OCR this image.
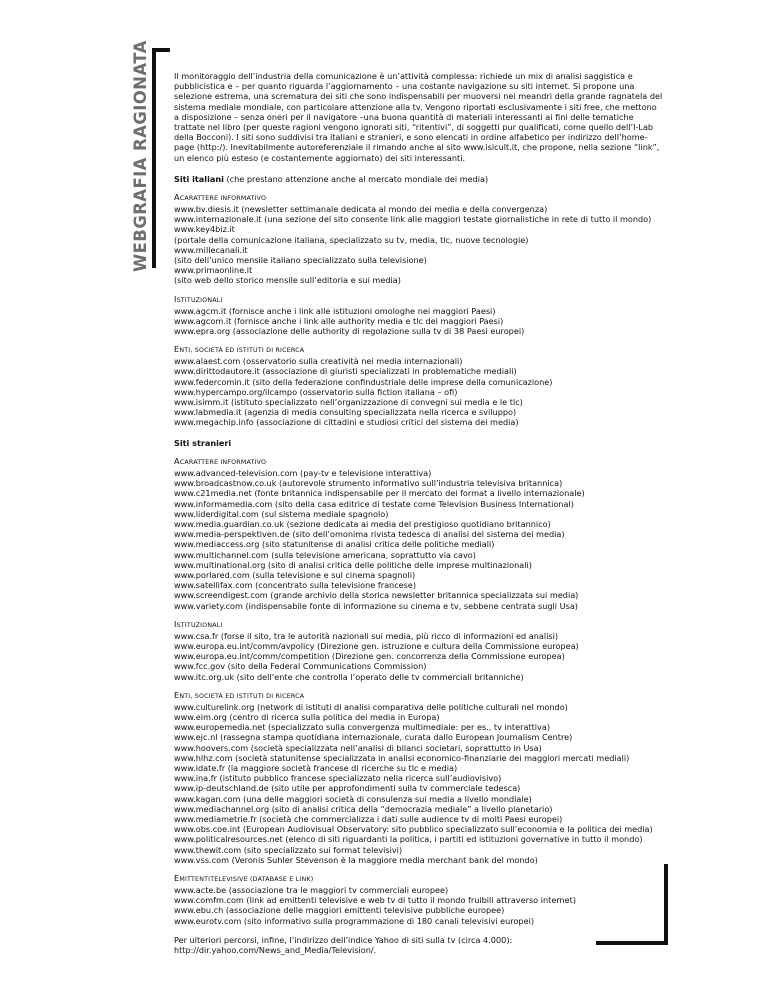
WEBGRAFIA RAGIONATA	Il monitoraggio dell’industria della comunicazione è un’attività complessa: richiede un mix di analisi saggistica e pubblicistica e – per quanto riguarda l’aggiornamento – una costante navigazione su siti internet. Si propone una selezione estrema, una scrematura dei siti che sono indispensabili per muoversi nei meandri della grande ragnatela del sistema mediale mondiale, con particolare attenzione alla tv. Vengono riportati esclusivamente i siti free, che mettono a disposizione – senza oneri per il navigatore –una buona quantità di materiali interessanti ai fini delle tematiche trattate nel libro (per queste ragioni vengono ignorati siti, “ritentivi”, di soggetti pur qualificati, come quello dell’I-Lab della Bocconi). I siti sono suddivisi tra italiani e stranieri, e sono elencati in ordine alfabetico per indirizzo dell’home-page (http:/). Inevitabilmente autoreferenziale il rimando anche al sito www.isicult.it, che propone, nella sezione “link”, un elenco più esteso (e costantemente aggiornato) dei siti interessanti.

Siti italiani (che prestano attenzione anche al mercato mondiale dei media)

ACARATTERE INFORMATIVO
www.bv.diesis.it (newsletter settimanale dedicata al mondo dei media e della convergenza)
www.internazionale.it (una sezione del sito consente link alle maggiori testate giornalistiche in rete di tutto il mondo)
www.key4biz.it
(portale della comunicazione italiana, specializzato su tv, media, tlc, nuove tecnologie)
www.millecanali.it
(sito dell’unico mensile italiano specializzato sulla televisione)
www.primaonline.it
(sito web dello storico mensile sull’editoria e sui media)
ISTITUZIONALI
www.agcm.it (fornisce anche i link alle istituzioni omologhe nei maggiori Paesi)
www.agcom.it (fornisce anche i link alle authority media e tlc dei maggiori Paesi)
www.epra.org (associazione delle authority di regolazione sulla tv di 38 Paesi europei)
ENTI, SOCIETÀ ED ISTITUTI DI RICERCA
www.alaest.com (osservatorio sulla creatività nei media internazionali)
www.dirittodautore.it (associazione di giuristi specializzati in problematiche mediali)
www.federcomin.it (sito della federazione confindustriale delle imprese della comunicazione)
www.hypercampo.org/ilcampo (osservatorio sulla fiction italiana – ofi)
www.isimm.it (istituto specializzato nell’organizzazione di convegni sui media e le tlc)
www.labmedia.it (agenzia di media consulting specializzata nella ricerca e sviluppo)
www.megachip.info (associazione di cittadini e studiosi critici del sistema dei media)

Siti stranieri

ACARATTERE INFORMATIVO
www.advanced-television.com (pay-tv e televisione interattiva)
www.broadcastnow.co.uk (autorevole strumento informativo sull’industria televisiva britannica)
www.c21media.net (fonte britannica indispensabile per il mercato dei format a livello internazionale)
www.informamedia.com (sito della casa editrice di testate come Television Business International)
www.liderdigital.com (sul sistema mediale spagnolo)
www.media.guardian.co.uk (sezione dedicata ai media del prestigioso quotidiano britannico)
www.media-perspektiven.de (sito dell’omonima rivista tedesca di analisi del sistema dei media)
www.mediaccess.org (sito statunitense di analisi critica delle politiche mediali)
www.multichannel.com (sulla televisione americana, soprattutto via cavo)
www.multinational.org (sito di analisi critica delle politiche delle imprese multinazionali)
www.porlared.com (sulla televisione e sul cinema spagnoli)
www.satellifax.com (concentrato sulla televisione francese)
www.screendigest.com (grande archivio della storica newsletter britannica specializzata sui media)
www.variety.com (indispensabile fonte di informazione su cinema e tv, sebbene centrata sugli Usa)
ISTITUZIONALI
www.csa.fr (forse il sito, tra le autorità nazionali sui media, più ricco di informazioni ed analisi)
www.europa.eu.int/comm/avpolicy (Direzione gen. istruzione e cultura della Commissione europea)
www.europa.eu.int/comm/competition (Direzione gen. concorrenza della Commissione europea)
www.fcc.gov (sito della Federal Communications Commission)
www.itc.org.uk (sito dell’ente che controlla l’operato delle tv commerciali britanniche)
ENTI, SOCIETÀ ED ISTITUTI DI RICERCA
www.culturelink.org (network di istituti di analisi comparativa delle politiche culturali nel mondo)
www.eim.org (centro di ricerca sulla politica dei media in Europa)
www.europemedia.net (specializzato sulla convergenza multimediale: per es., tv interattiva)
www.ejc.nl (rassegna stampa quotidiana internazionale, curata dallo European Journalism Centre)
www.hoovers.com (società specializzata nell’analisi di bilanci societari, soprattutto in Usa)
www.hlhz.com (società statunitense specializzata in analisi economico-finanziarie dei maggiori mercati mediali)
www.idate.fr (la maggiore società francese di ricerche su tlc e media)
www.ina.fr (istituto pubblico francese specializzato nella ricerca sull’audiovisivo)
www.ip-deutschland.de (sito utile per approfondimenti sulla tv commerciale tedesca)
www.kagan.com (una delle maggiori società di consulenza sui media a livello mondiale)
www.mediachannel.org (sito di analisi critica della “democrazia mediale” a livello planetario)
www.mediametrie.fr (società che commercializza i dati sulle audience tv di molti Paesi europei)
www.obs.coe.int (European Audiovisual Observatory: sito pubblico specializzato sull’economia e la politica dei media)
www.politicalresources.net (elenco di siti riguardanti la politica, i partiti ed istituzioni governative in tutto il mondo)
www.thewit.com (sito specializzato sui format televisivi)
www.vss.com (Veronis Suhler Stevenson è la maggiore media merchant bank del mondo)
EMITTENTITELEVISIVE (DATABASE E LINK)
www.acte.be (associazione tra le maggiori tv commerciali europee)
www.comfm.com (link ad emittenti televisive e web tv di tutto il mondo fruibili attraverso internet)
www.ebu.ch (associazione delle maggiori emittenti televisive pubbliche europee)
www.eurotv.com (sito informativo sulla programmazione di 180 canali televisivi europei)
Per ulteriori percorsi, infine, l’indirizzo dell’indice Yahoo di siti sulla tv (circa 4.000):
http://dir.yahoo.com/News_and_Media/Television/.
